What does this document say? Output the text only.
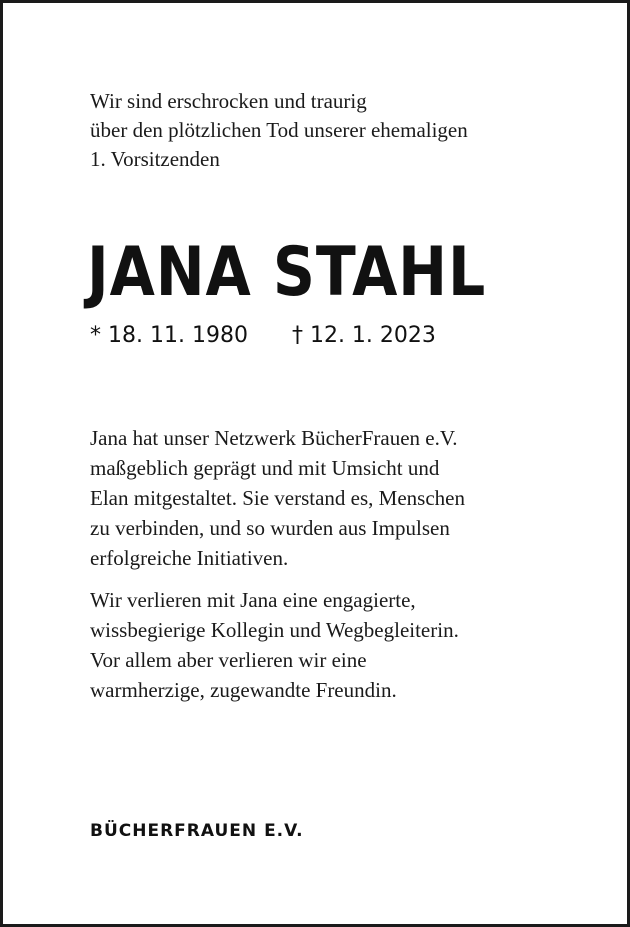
Wir sind erschrocken und traurig
über den plötzlichen Tod unserer ehemaligen
1. Vorsitzenden
JANA STAHL
* 18. 11. 1980 † 12. 1. 2023
Jana hat unser Netzwerk BücherFrauen e.V.
maßgeblich geprägt und mit Umsicht und
Elan mitgestaltet. Sie verstand es, Menschen
zu verbinden, und so wurden aus Impulsen
erfolgreiche Initiativen.
Wir verlieren mit Jana eine engagierte,
wissbegierige Kollegin und Wegbegleiterin.
Vor allem aber verlieren wir eine
warmherzige, zugewandte Freundin.
BÜCHERFRAUEN E.V.
